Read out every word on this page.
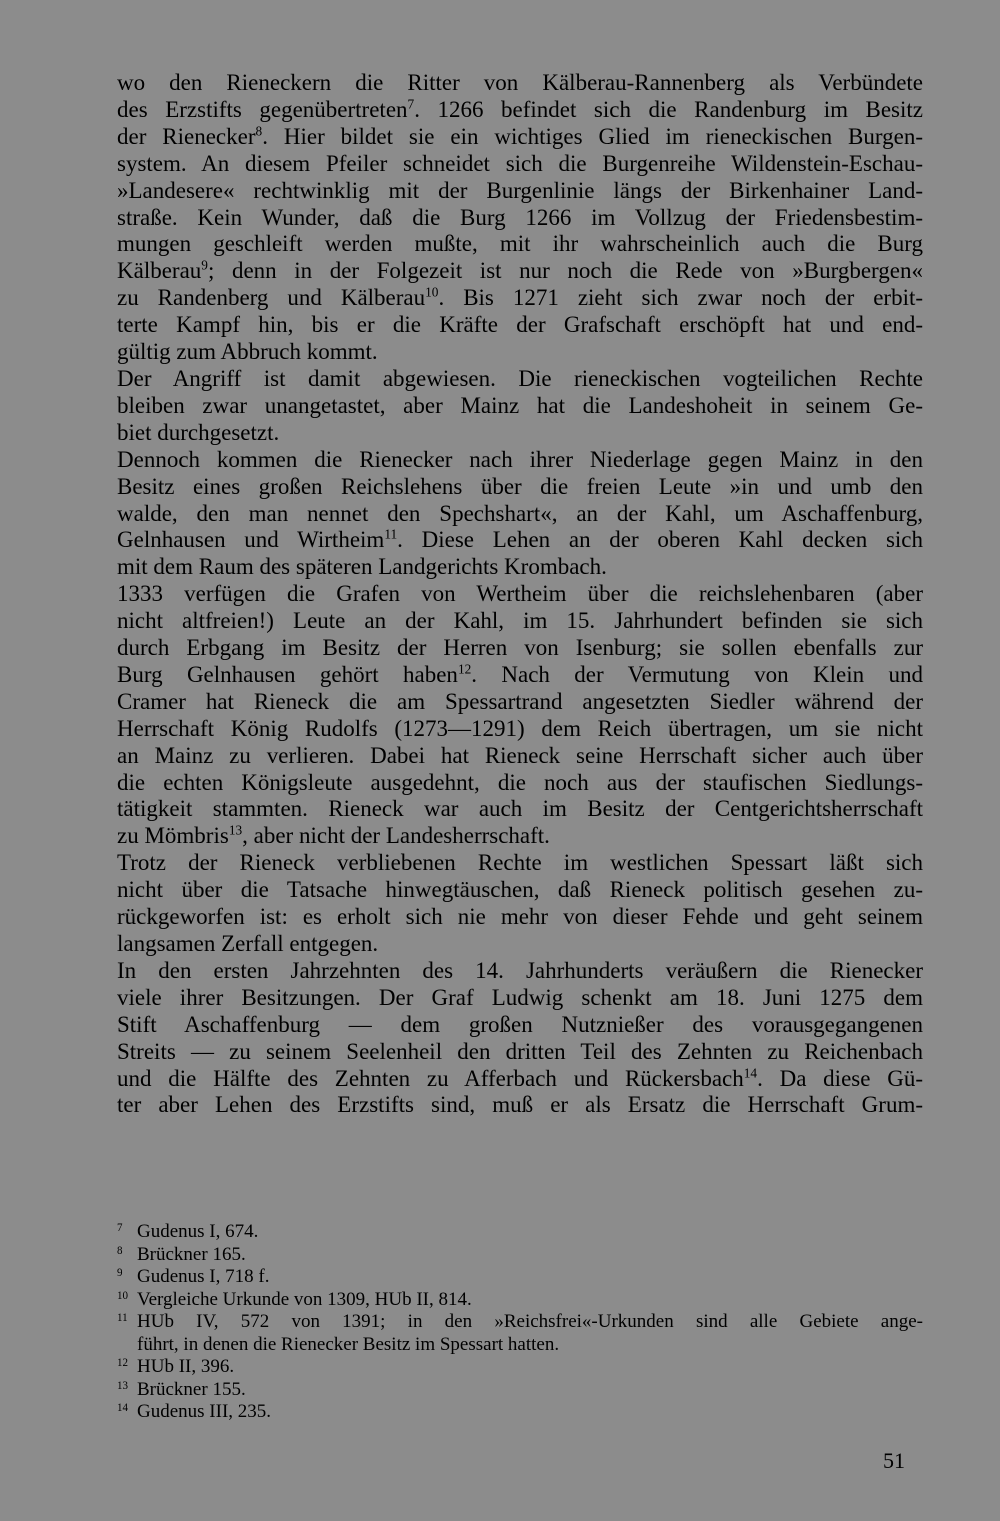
wo den Rieneckern die Ritter von Kälberau-Rannenberg als Verbündete
des Erzstifts gegenübertreten$^7$. 1266 befindet sich die Randenburg im Besitz
der Rienecker$^8$. Hier bildet sie ein wichtiges Glied im rieneckischen Burgen-
system. An diesem Pfeiler schneidet sich die Burgenreihe Wildenstein-Eschau-
»Landesere« rechtwinklig mit der Burgenlinie längs der Birkenhainer Land-
straße. Kein Wunder, daß die Burg 1266 im Vollzug der Friedensbestim-
mungen geschleift werden mußte, mit ihr wahrscheinlich auch die Burg
Kälberau$^9$; denn in der Folgezeit ist nur noch die Rede von »Burgbergen«
zu Randenberg und Kälberau$^{10}$. Bis 1271 zieht sich zwar noch der erbit-
terte Kampf hin, bis er die Kräfte der Grafschaft erschöpft hat und end-
gültig zum Abbruch kommt.
Der Angriff ist damit abgewiesen. Die rieneckischen vogteilichen Rechte
bleiben zwar unangetastet, aber Mainz hat die Landeshoheit in seinem Ge-
biet durchgesetzt.
Dennoch kommen die Rienecker nach ihrer Niederlage gegen Mainz in den
Besitz eines großen Reichslehens über die freien Leute »in und umb den
walde, den man nennet den Spechshart«, an der Kahl, um Aschaffenburg,
Gelnhausen und Wirtheim$^{11}$. Diese Lehen an der oberen Kahl decken sich
mit dem Raum des späteren Landgerichts Krombach.
1333 verfügen die Grafen von Wertheim über die reichslehenbaren (aber
nicht altfreien!) Leute an der Kahl, im 15. Jahrhundert befinden sie sich
durch Erbgang im Besitz der Herren von Isenburg; sie sollen ebenfalls zur
Burg Gelnhausen gehört haben$^{12}$. Nach der Vermutung von Klein und
Cramer hat Rieneck die am Spessartrand angesetzten Siedler während der
Herrschaft König Rudolfs (1273—1291) dem Reich übertragen, um sie nicht
an Mainz zu verlieren. Dabei hat Rieneck seine Herrschaft sicher auch über
die echten Königsleute ausgedehnt, die noch aus der staufischen Siedlungs-
tätigkeit stammten. Rieneck war auch im Besitz der Centgerichtsherrschaft
zu Mömbris$^{13}$, aber nicht der Landesherrschaft.
Trotz der Rieneck verbliebenen Rechte im westlichen Spessart läßt sich
nicht über die Tatsache hinwegtäuschen, daß Rieneck politisch gesehen zu-
rückgeworfen ist: es erholt sich nie mehr von dieser Fehde und geht seinem
langsamen Zerfall entgegen.
In den ersten Jahrzehnten des 14. Jahrhunderts veräußern die Rienecker
viele ihrer Besitzungen. Der Graf Ludwig schenkt am 18. Juni 1275 dem
Stift Aschaffenburg — dem großen Nutznießer des vorausgegangenen
Streits — zu seinem Seelenheil den dritten Teil des Zehnten zu Reichenbach
und die Hälfte des Zehnten zu Afferbach und Rückersbach$^{14}$. Da diese Gü-
ter aber Lehen des Erzstifts sind, muß er als Ersatz die Herrschaft Grum-
$^7$ Gudenus I, 674.
$^8$ Brückner 165.
$^9$ Gudenus I, 718 f.
$^{10}$ Vergleiche Urkunde von 1309, HUb II, 814.
$^{11}$ HUb IV, 572 von 1391; in den »Reichsfrei«-Urkunden sind alle Gebiete ange-
führt, in denen die Rienecker Besitz im Spessart hatten.
$^{12}$ HUb II, 396.
$^{13}$ Brückner 155.
$^{14}$ Gudenus III, 235.
51
